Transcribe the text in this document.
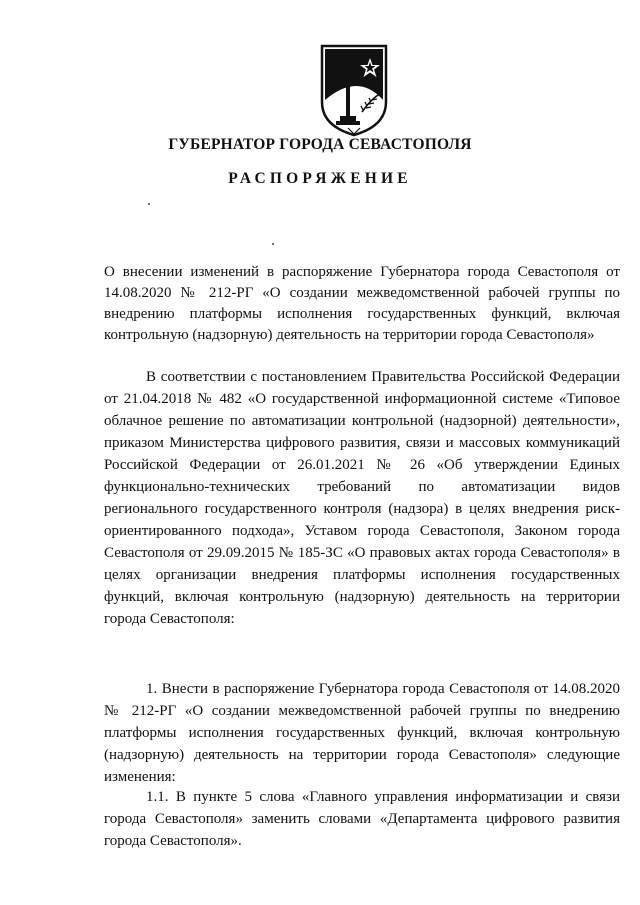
ГУБЕРНАТОР ГОРОДА СЕВАСТОПОЛЯ
РАСПОРЯЖЕНИЕ
О внесении изменений в распоряжение Губернатора города Севастополя от 14.08.2020 № 212-РГ «О создании межведомственной рабочей группы по внедрению платформы исполнения государственных функций, включая контрольную (надзорную) деятельность на территории города Севастополя»
В соответствии с постановлением Правительства Российской Федерации от 21.04.2018 № 482 «О государственной информационной системе «Типовое облачное решение по автоматизации контрольной (надзорной) деятельности», приказом Министерства цифрового развития, связи и массовых коммуникаций Российской Федерации от 26.01.2021 № 26 «Об утверждении Единых функционально-технических требований по автоматизации видов регионального государственного контроля (надзора) в целях внедрения риск-ориентированного подхода», Уставом города Севастополя, Законом города Севастополя от 29.09.2015 № 185-ЗС «О правовых актах города Севастополя» в целях организации внедрения платформы исполнения государственных функций, включая контрольную (надзорную) деятельность на территории города Севастополя:
1. Внести в распоряжение Губернатора города Севастополя от 14.08.2020 № 212-РГ «О создании межведомственной рабочей группы по внедрению платформы исполнения государственных функций, включая контрольную (надзорную) деятельность на территории города Севастополя» следующие изменения:
1.1. В пункте 5 слова «Главного управления информатизации и связи города Севастополя» заменить словами «Департамента цифрового развития города Севастополя».
